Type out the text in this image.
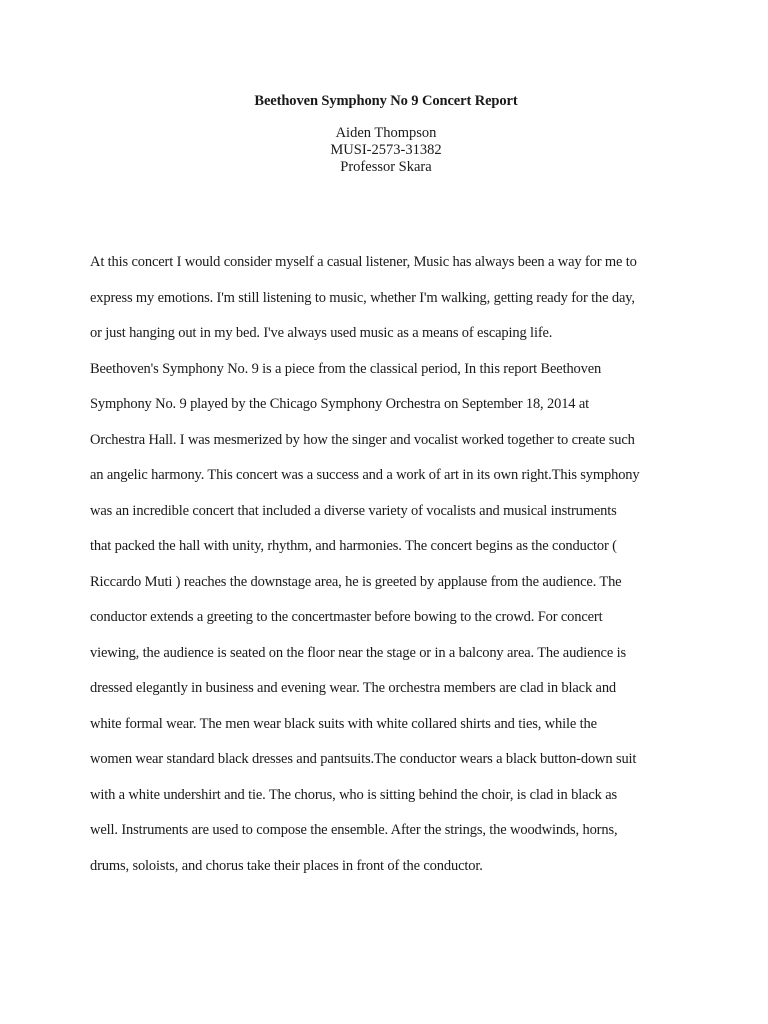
Beethoven Symphony No 9 Concert Report
Aiden Thompson
MUSI-2573-31382
Professor Skara
At this concert I would consider myself a casual listener, Music has always been a way for me to
express my emotions. I'm still listening to music, whether I'm walking, getting ready for the day,
or just hanging out in my bed. I've always used music as a means of escaping life.
Beethoven's Symphony No. 9 is a piece from the classical period, In this report Beethoven
Symphony No. 9 played by the Chicago Symphony Orchestra on September 18, 2014 at
Orchestra Hall. I was mesmerized by how the singer and vocalist worked together to create such
an angelic harmony. This concert was a success and a work of art in its own right.This symphony
was an incredible concert that included a diverse variety of vocalists and musical instruments
that packed the hall with unity, rhythm, and harmonies. The concert begins as the conductor (
Riccardo Muti ) reaches the downstage area, he is greeted by applause from the audience. The
conductor extends a greeting to the concertmaster before bowing to the crowd. For concert
viewing, the audience is seated on the floor near the stage or in a balcony area. The audience is
dressed elegantly in business and evening wear. The orchestra members are clad in black and
white formal wear. The men wear black suits with white collared shirts and ties, while the
women wear standard black dresses and pantsuits.The conductor wears a black button-down suit
with a white undershirt and tie. The chorus, who is sitting behind the choir, is clad in black as
well. Instruments are used to compose the ensemble. After the strings, the woodwinds, horns,
drums, soloists, and chorus take their places in front of the conductor.
